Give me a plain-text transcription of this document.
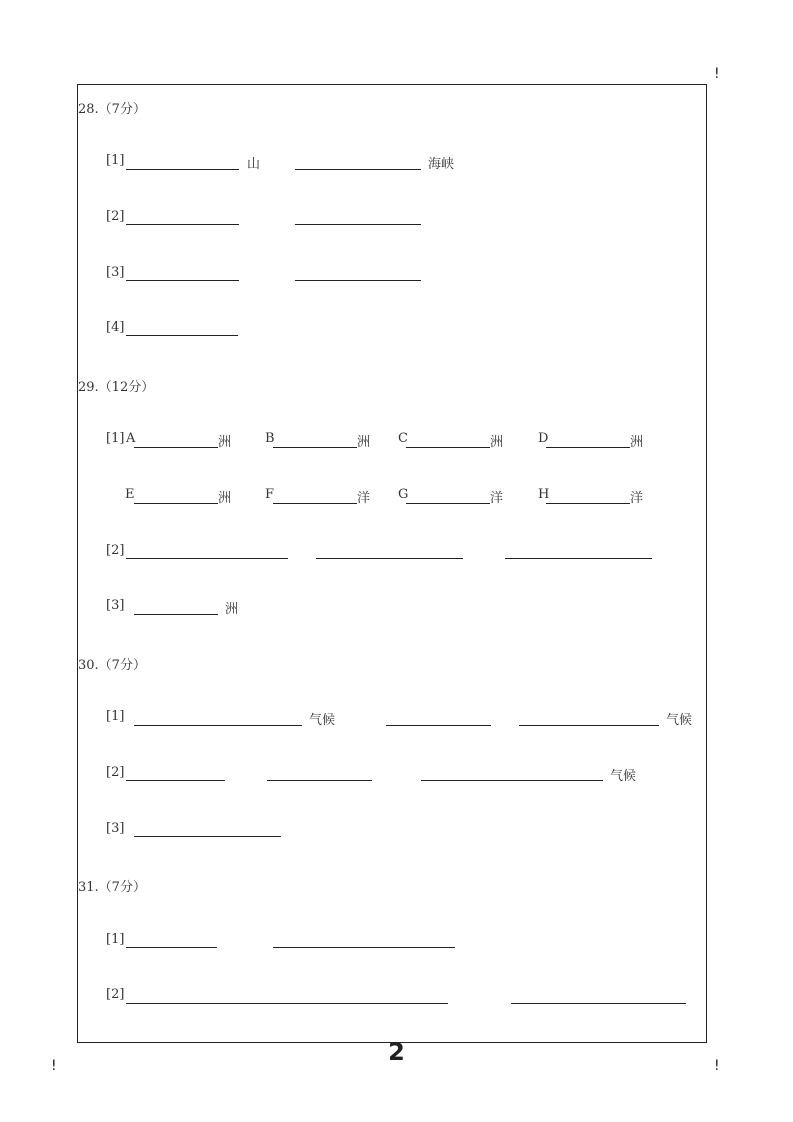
!
!	!
28.（7分）
[1]	山	海峡
[2]
[3]
[4]
29.（12分）
[1] A	洲	B	洲 C	洲	D	洲
E	洲	F	洋 G	洋	H	洋
[2]
[3]	洲
30.（7分）
[1]	气候	气候
[2]	气候
[3]
31.（7分）
[1]
[2]
2
